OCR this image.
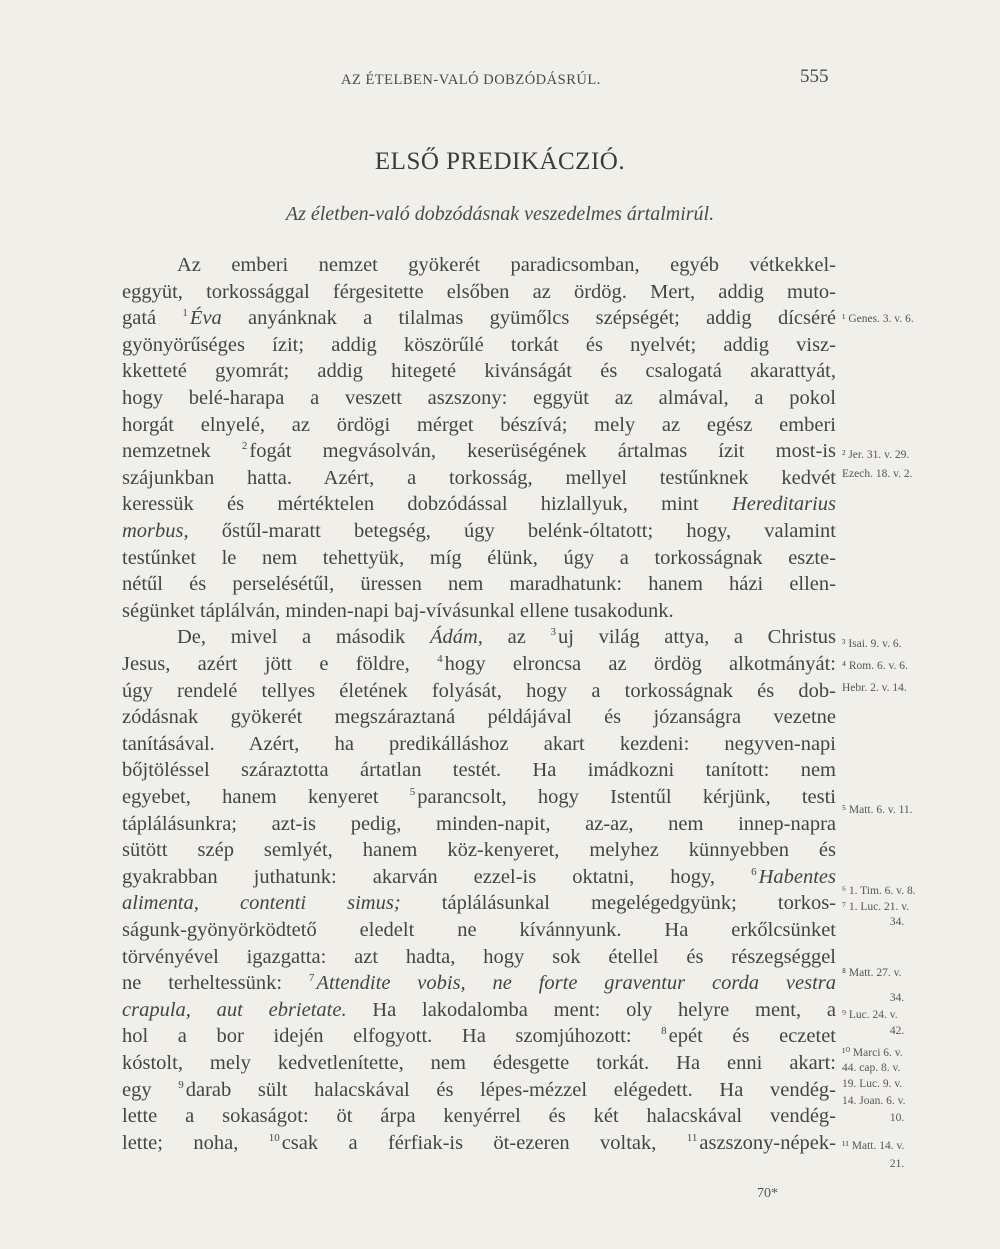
AZ ÉTELBEN-VALÓ DOBZÓDÁSRÚL.	555
ELSŐ PREDIKÁCZIÓ.
Az életben-való dobzódásnak veszedelmes ártalmirúl.
Az emberi nemzet gyökerét paradicsomban, egyéb vétkekkel-
eggyüt, torkossággal férgesitette elsőben az ördög. Mert, addig muto-
gatá $^1$Éva anyánknak a tilalmas gyümőlcs szépségét; addig dícséré
gyönyörűséges ízit; addig köszörűlé torkát és nyelvét; addig visz-
kketteté gyomrát; addig hitegeté kivánságát és csalogatá akarattyát,
hogy belé-harapa a veszett aszszony: eggyüt az almával, a pokol
horgát elnyelé, az ördögi mérget bészívá; mely az egész emberi
nemzetnek $^2$fogát megvásolván, keserüségének ártalmas ízit most-is
szájunkban hatta. Azért, a torkosság, mellyel testűnknek kedvét
keressük és mértéktelen dobzódással hizlallyuk, mint Hereditarius
morbus, őstűl-maratt betegség, úgy belénk-óltatott; hogy, valamint
testűnket le nem tehettyük, míg élünk, úgy a torkosságnak eszte-
nétűl és perselésétűl, üressen nem maradhatunk: hanem házi ellen-
ségünket táplálván, minden-napi baj-vívásunkal ellene tusakodunk.
De, mivel a második Ádám, az $^3$uj világ attya, a Christus
Jesus, azért jött e földre, $^4$hogy elroncsa az ördög alkotmányát:
úgy rendelé tellyes életének folyását, hogy a torkosságnak és dob-
zódásnak gyökerét megszáraztaná példájával és józanságra vezetne
tanításával. Azért, ha predikálláshoz akart kezdeni: negyven-napi
bőjtöléssel száraztotta ártatlan testét. Ha imádkozni tanított: nem
egyebet, hanem kenyeret $^5$parancsolt, hogy Istentűl kérjünk, testi
táplálásunkra; azt-is pedig, minden-napit, az-az, nem innep-napra
sütött szép semlyét, hanem köz-kenyeret, melyhez künnyebben és
gyakrabban juthatunk: akarván ezzel-is oktatni, hogy, $^6$Habentes
alimenta, contenti simus; táplálásunkal megelégedgyünk; torkos-
ságunk-gyönyörködtető eledelt ne kívánnyunk. Ha erkőlcsünket
törvényével igazgatta: azt hadta, hogy sok étellel és részegséggel
ne terheltessünk: $^7$Attendite vobis, ne forte graventur corda vestra
crapula, aut ebrietate. Ha lakodalomba ment: oly helyre ment, a
hol a bor idején elfogyott. Ha szomjúhozott: $^8$epét és eczetet
kóstolt, mely kedvetlenítette, nem édesgette torkát. Ha enni akart:
egy $^9$darab sült halacskával és lépes-mézzel elégedett. Ha vendég-
lette a sokaságot: öt árpa kenyérrel és két halacskával vendég-
lette; noha, $^{10}$csak a férfiak-is öt-ezeren voltak, $^{11}$aszszony-népek-
¹ Genes. 3. v. 6.
² Jer. 31. v. 29.
Ezech. 18. v. 2.
³ Isai. 9. v. 6.
⁴ Rom. 6. v. 6.
Hebr. 2. v. 14.
⁵ Matt. 6. v. 11.
⁶ 1. Tim. 6. v. 8.
⁷ 1. Luc. 21. v.
34.
⁸ Matt. 27. v.
34.
⁹ Luc. 24. v.
42.
¹⁰ Marci 6. v.
44. cap. 8. v.
19. Luc. 9. v.
14. Joan. 6. v.
10.
¹¹ Matt. 14. v.
21.
70*
